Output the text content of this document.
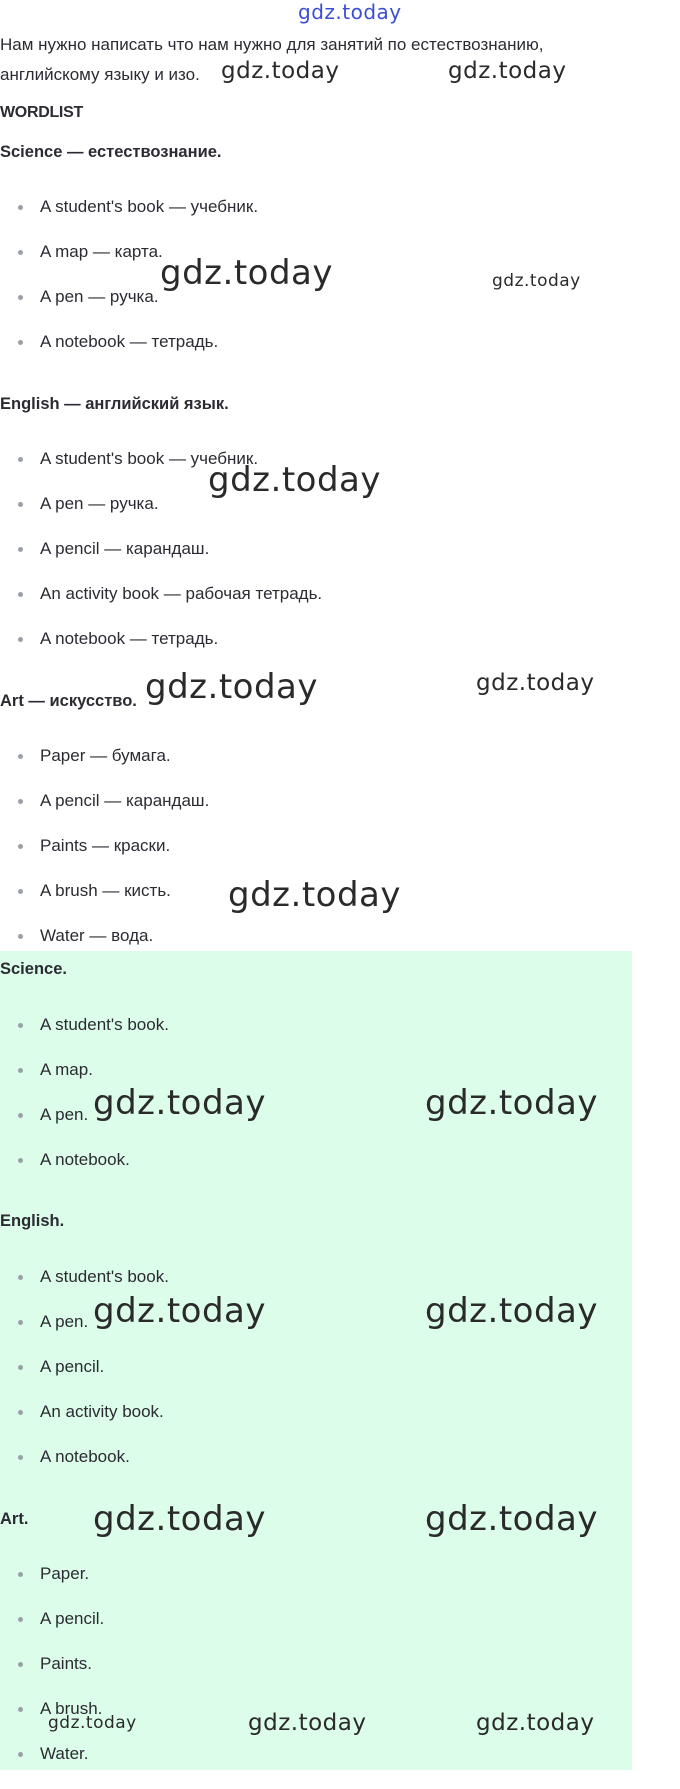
gdz.today
Нам нужно написать что нам нужно для занятий по естествознанию, английскому языку и изо.
WORDLIST
Science — естествознание.
A student's book — учебник.
A map — карта.
A pen — ручка.
A notebook — тетрадь.
English — английский язык.
A student's book — учебник.
A pen — ручка.
A pencil — карандаш.
An activity book — рабочая тетрадь.
A notebook — тетрадь.
Art — искусство.
Paper — бумага.
A pencil — карандаш.
Paints — краски.
A brush — кисть.
Water — вода.
Science.
A student's book.
A map.
A pen.
A notebook.
English.
A student's book.
A pen.
A pencil.
An activity book.
A notebook.
Art.
Paper.
A pencil.
Paints.
A brush.
Water.
gdz.today	gdz.today
gdz.today	gdz.today
gdz.today
gdz.today	gdz.today
gdz.today
gdz.today	gdz.today
gdz.today	gdz.today
gdz.today	gdz.today
gdz.today	gdz.today	gdz.today
